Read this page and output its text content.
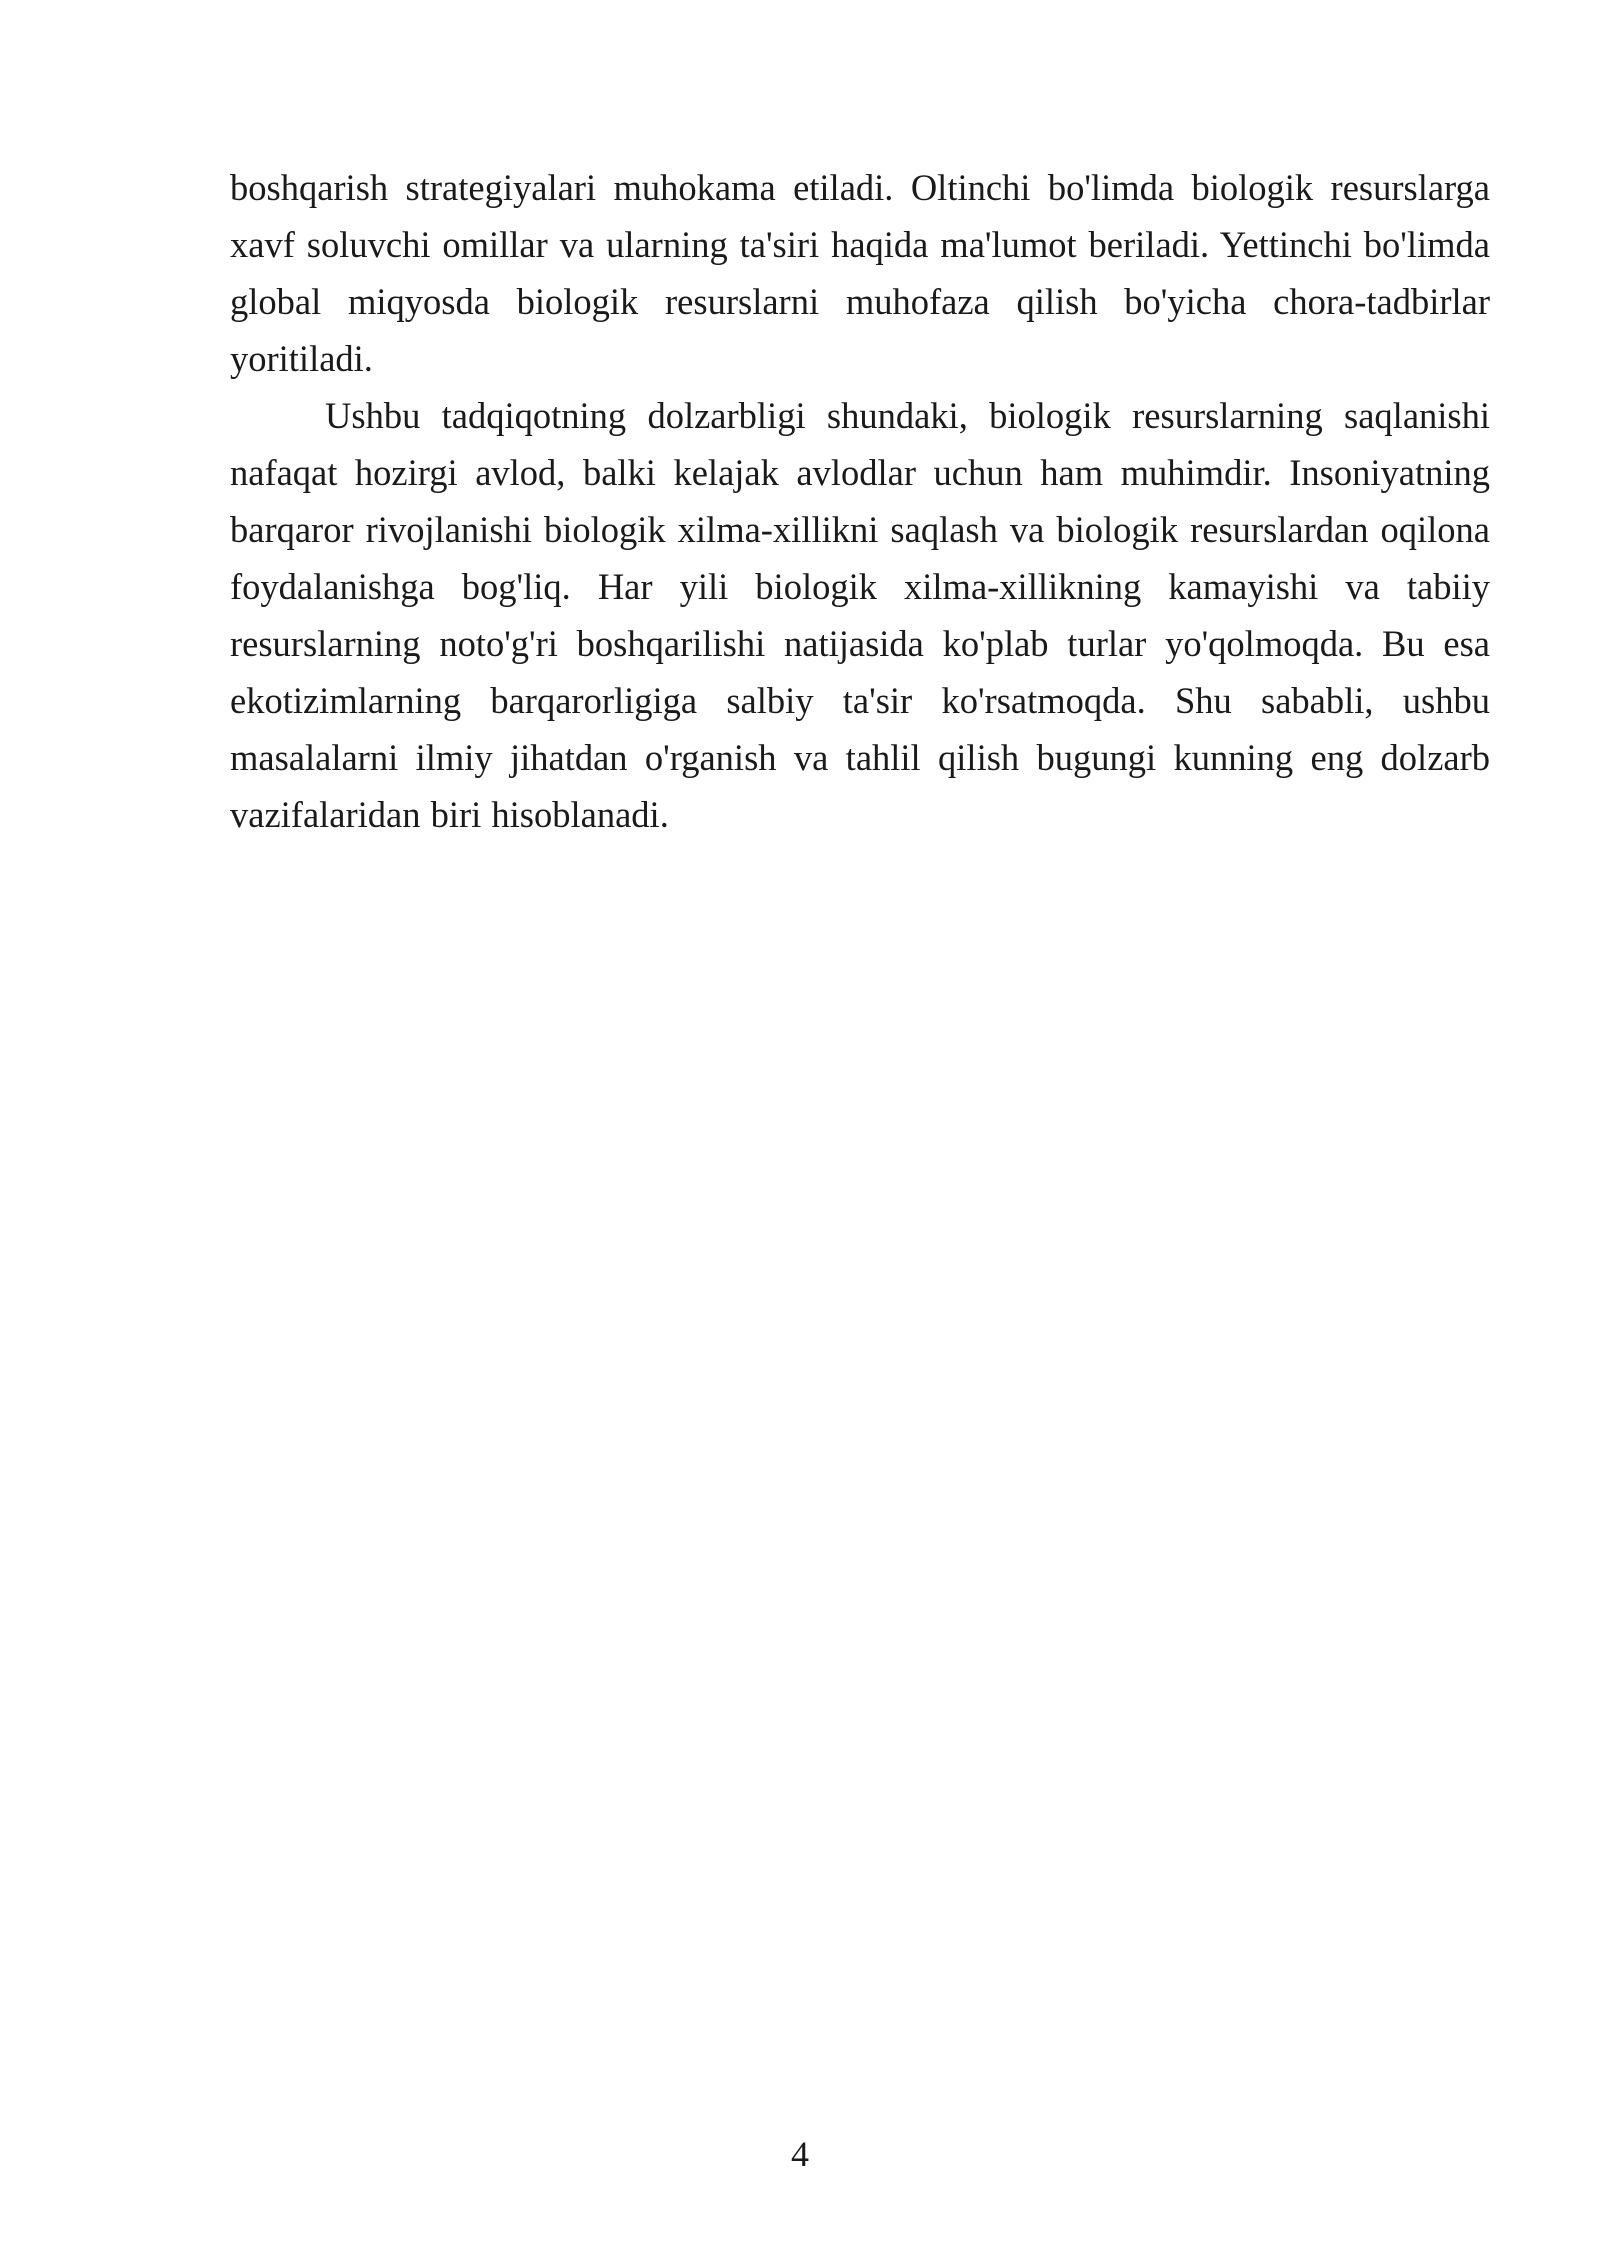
boshqarish strategiyalari muhokama etiladi. Oltinchi bo'limda biologik resurslarga xavf soluvchi omillar va ularning ta'siri haqida ma'lumot beriladi. Yettinchi bo'limda global miqyosda biologik resurslarni muhofaza qilish bo'yicha chora-tadbirlar yoritiladi.

Ushbu tadqiqotning dolzarbligi shundaki, biologik resurslarning saqlanishi nafaqat hozirgi avlod, balki kelajak avlodlar uchun ham muhimdir. Insoniyatning barqaror rivojlanishi biologik xilma-xillikni saqlash va biologik resurslardan oqilona foydalanishga bog'liq. Har yili biologik xilma-xillikning kamayishi va tabiiy resurslarning noto'g'ri boshqarilishi natijasida ko'plab turlar yo'qolmoqda. Bu esa ekotizimlarning barqarorligiga salbiy ta'sir ko'rsatmoqda. Shu sababli, ushbu masalalarni ilmiy jihatdan o'rganish va tahlil qilish bugungi kunning eng dolzarb vazifalaridan biri hisoblanadi.

4
